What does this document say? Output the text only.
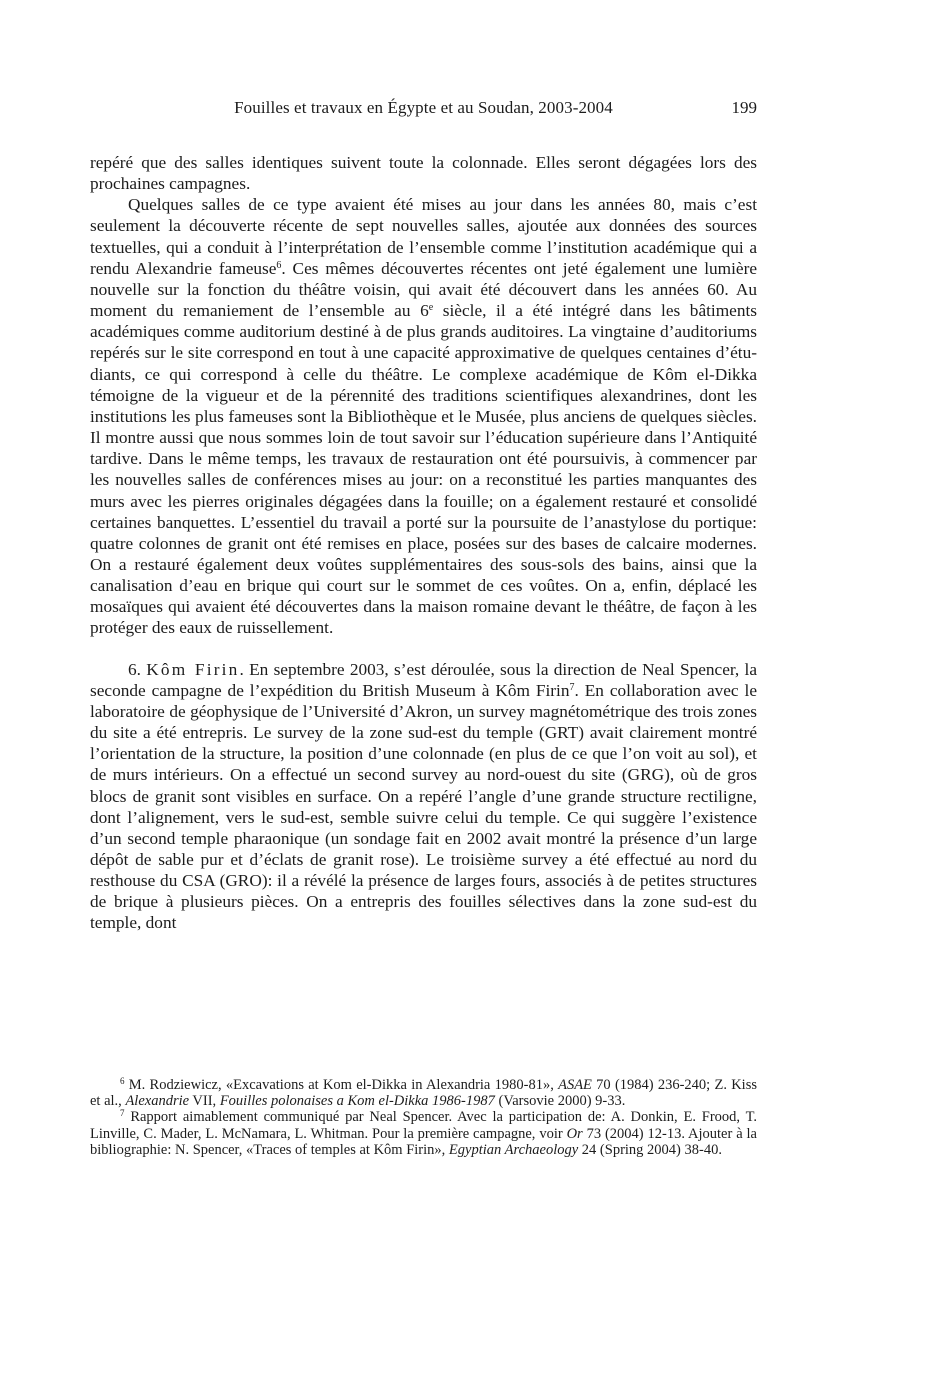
Fouilles et travaux en Égypte et au Soudan, 2003-2004	199

repéré que des salles identiques suivent toute la colonnade. Elles seront dégagées lors des prochaines campagnes.

Quelques salles de ce type avaient été mises au jour dans les années 80, mais c’est seulement la découverte récente de sept nouvelles salles, ajoutée aux données des sources textuelles, qui a conduit à l’interprétation de l’ensemble comme l’institution académique qui a rendu Alexandrie fameuse$^6$. Ces mêmes découvertes récentes ont jeté également une lumière nouvelle sur la fonction du théâtre voisin, qui avait été découvert dans les années 60. Au moment du remaniement de l’ensemble au 6e siècle, il a été intégré dans les bâtiments académiques comme auditorium destiné à de plus grands auditoires. La vingtaine d’auditoriums repérés sur le site correspond en tout à une capacité approximative de quelques centaines d’étudiants, ce qui correspond à celle du théâtre. Le complexe académique de Kôm el-Dikka témoigne de la vigueur et de la pérennité des traditions scientifiques alexandrines, dont les institutions les plus fameuses sont la Bibliothèque et le Musée, plus anciens de quelques siècles. Il montre aussi que nous sommes loin de tout savoir sur l’éducation supérieure dans l’Antiquité tardive. Dans le même temps, les travaux de restauration ont été poursuivis, à commencer par les nouvelles salles de conférences mises au jour: on a reconstitué les parties manquantes des murs avec les pierres originales dégagées dans la fouille; on a également restauré et consolidé certaines banquettes. L’essentiel du travail a porté sur la poursuite de l’anastylose du portique: quatre colonnes de granit ont été remises en place, posées sur des bases de calcaire modernes. On a restauré également deux voûtes supplémentaires des sous-sols des bains, ainsi que la canalisation d’eau en brique qui court sur le sommet de ces voûtes. On a, enfin, déplacé les mosaïques qui avaient été découvertes dans la maison romaine devant le théâtre, de façon à les protéger des eaux de ruissellement.

6. Kôm Firin. En septembre 2003, s’est déroulée, sous la direction de Neal Spencer, la seconde campagne de l’expédition du British Museum à Kôm Firin$^7$. En collaboration avec le laboratoire de géophysique de l’Université d’Akron, un survey magnétométrique des trois zones du site a été entrepris. Le survey de la zone sud-est du temple (GRT) avait clairement montré l’orientation de la structure, la position d’une colonnade (en plus de ce que l’on voit au sol), et de murs intérieurs. On a effectué un second survey au nord-ouest du site (GRG), où de gros blocs de granit sont visibles en surface. On a repéré l’angle d’une grande structure rectiligne, dont l’alignement, vers le sud-est, semble suivre celui du temple. Ce qui suggère l’existence d’un second temple pharaonique (un sondage fait en 2002 avait montré la présence d’un large dépôt de sable pur et d’éclats de granit rose). Le troisième survey a été effectué au nord du resthouse du CSA (GRO): il a révélé la présence de larges fours, associés à de petites structures de brique à plusieurs pièces. On a entrepris des fouilles sélectives dans la zone sud-est du temple, dont

$^6$ M. Rodziewicz, «Excavations at Kom el-Dikka in Alexandria 1980-81», ASAE 70 (1984) 236-240; Z. Kiss et al., Alexandrie VII, Fouilles polonaises a Kom el-Dikka 1986-1987 (Varsovie 2000) 9-33.

$^7$ Rapport aimablement communiqué par Neal Spencer. Avec la participation de: A. Donkin, E. Frood, T. Linville, C. Mader, L. McNamara, L. Whitman. Pour la première campagne, voir Or 73 (2004) 12-13. Ajouter à la bibliographie: N. Spencer, «Traces of temples at Kôm Firin», Egyptian Archaeology 24 (Spring 2004) 38-40.
